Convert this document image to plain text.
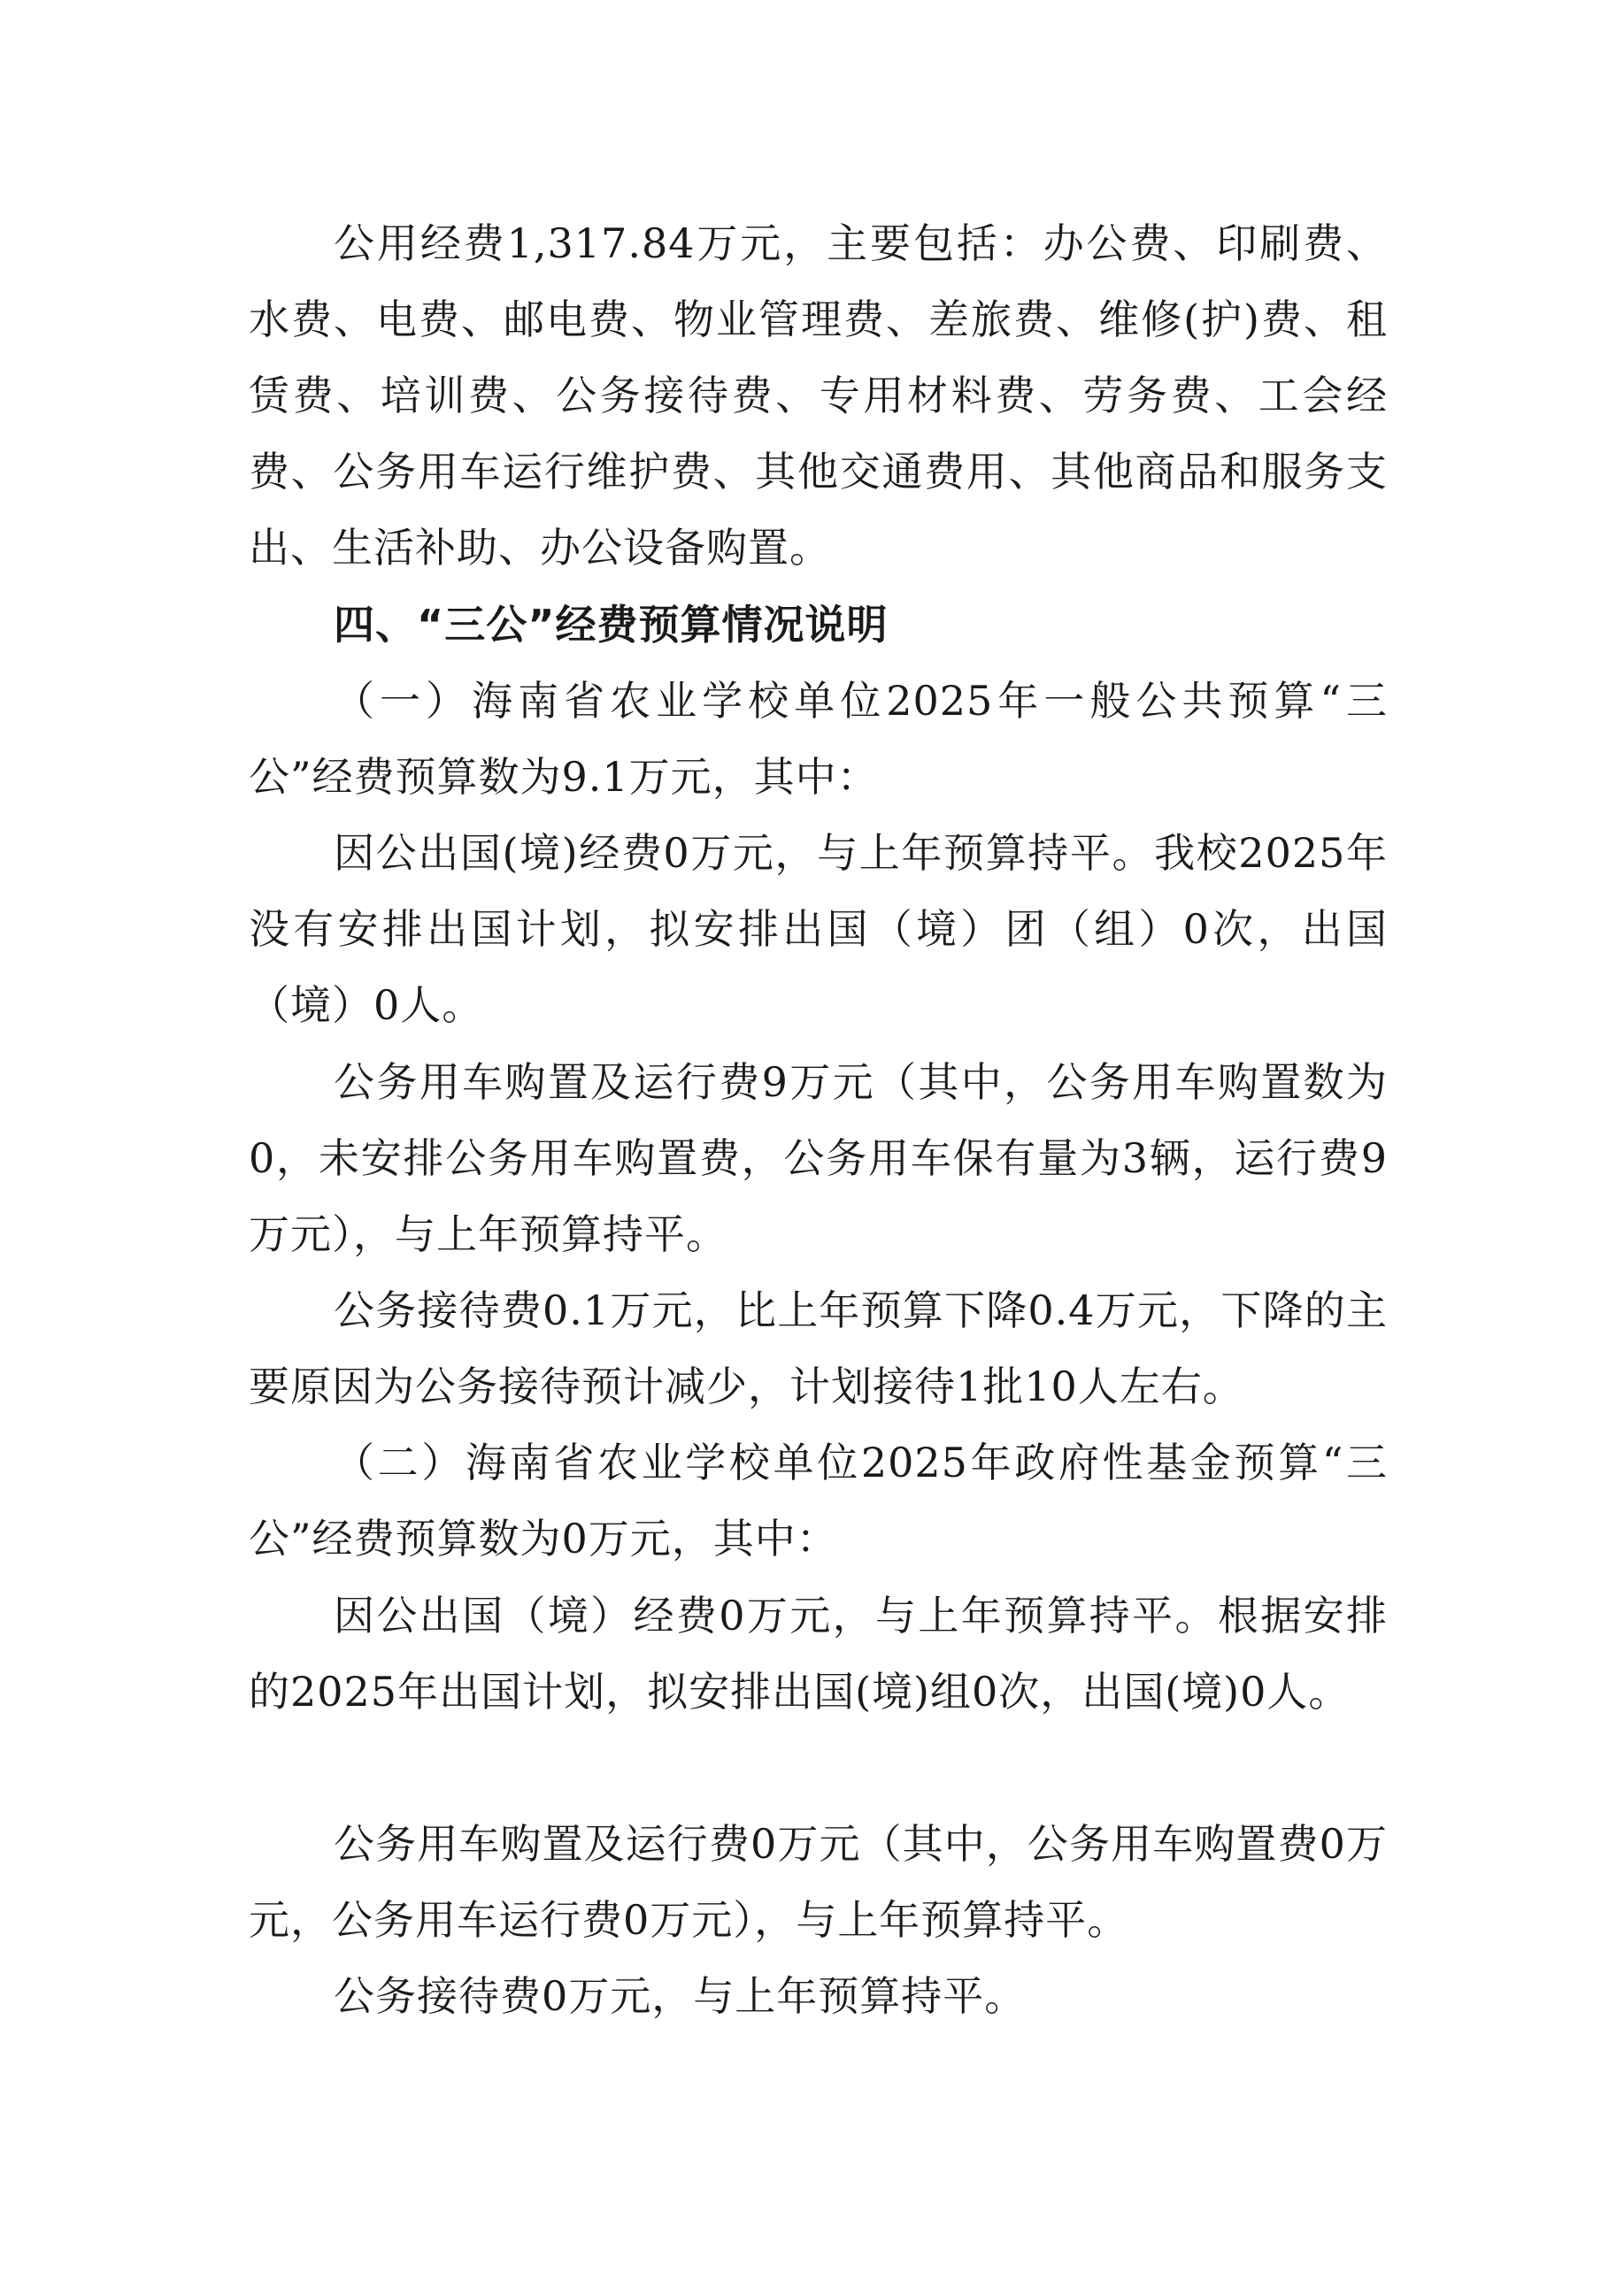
公用经费1,317.84万元，主要包括：办公费、印刷费、水费、电费、邮电费、物业管理费、差旅费、维修(护)费、租赁费、培训费、公务接待费、专用材料费、劳务费、工会经费、公务用车运行维护费、其他交通费用、其他商品和服务支出、生活补助、办公设备购置。

四、“三公”经费预算情况说明

（一）海南省农业学校单位2025年一般公共预算“三公”经费预算数为9.1万元，其中：

因公出国(境)经费0万元，与上年预算持平。我校2025年没有安排出国计划，拟安排出国（境）团（组）0次，出国（境）0人。

公务用车购置及运行费9万元（其中，公务用车购置数为0，未安排公务用车购置费，公务用车保有量为3辆，运行费9万元），与上年预算持平。

公务接待费0.1万元，比上年预算下降0.4万元，下降的主要原因为公务接待预计减少，计划接待1批10人左右。

（二）海南省农业学校单位2025年政府性基金预算“三公”经费预算数为0万元，其中：

因公出国（境）经费0万元，与上年预算持平。根据安排的2025年出国计划，拟安排出国(境)组0次，出国(境)0人。

公务用车购置及运行费0万元（其中，公务用车购置费0万元，公务用车运行费0万元），与上年预算持平。

公务接待费0万元，与上年预算持平。
